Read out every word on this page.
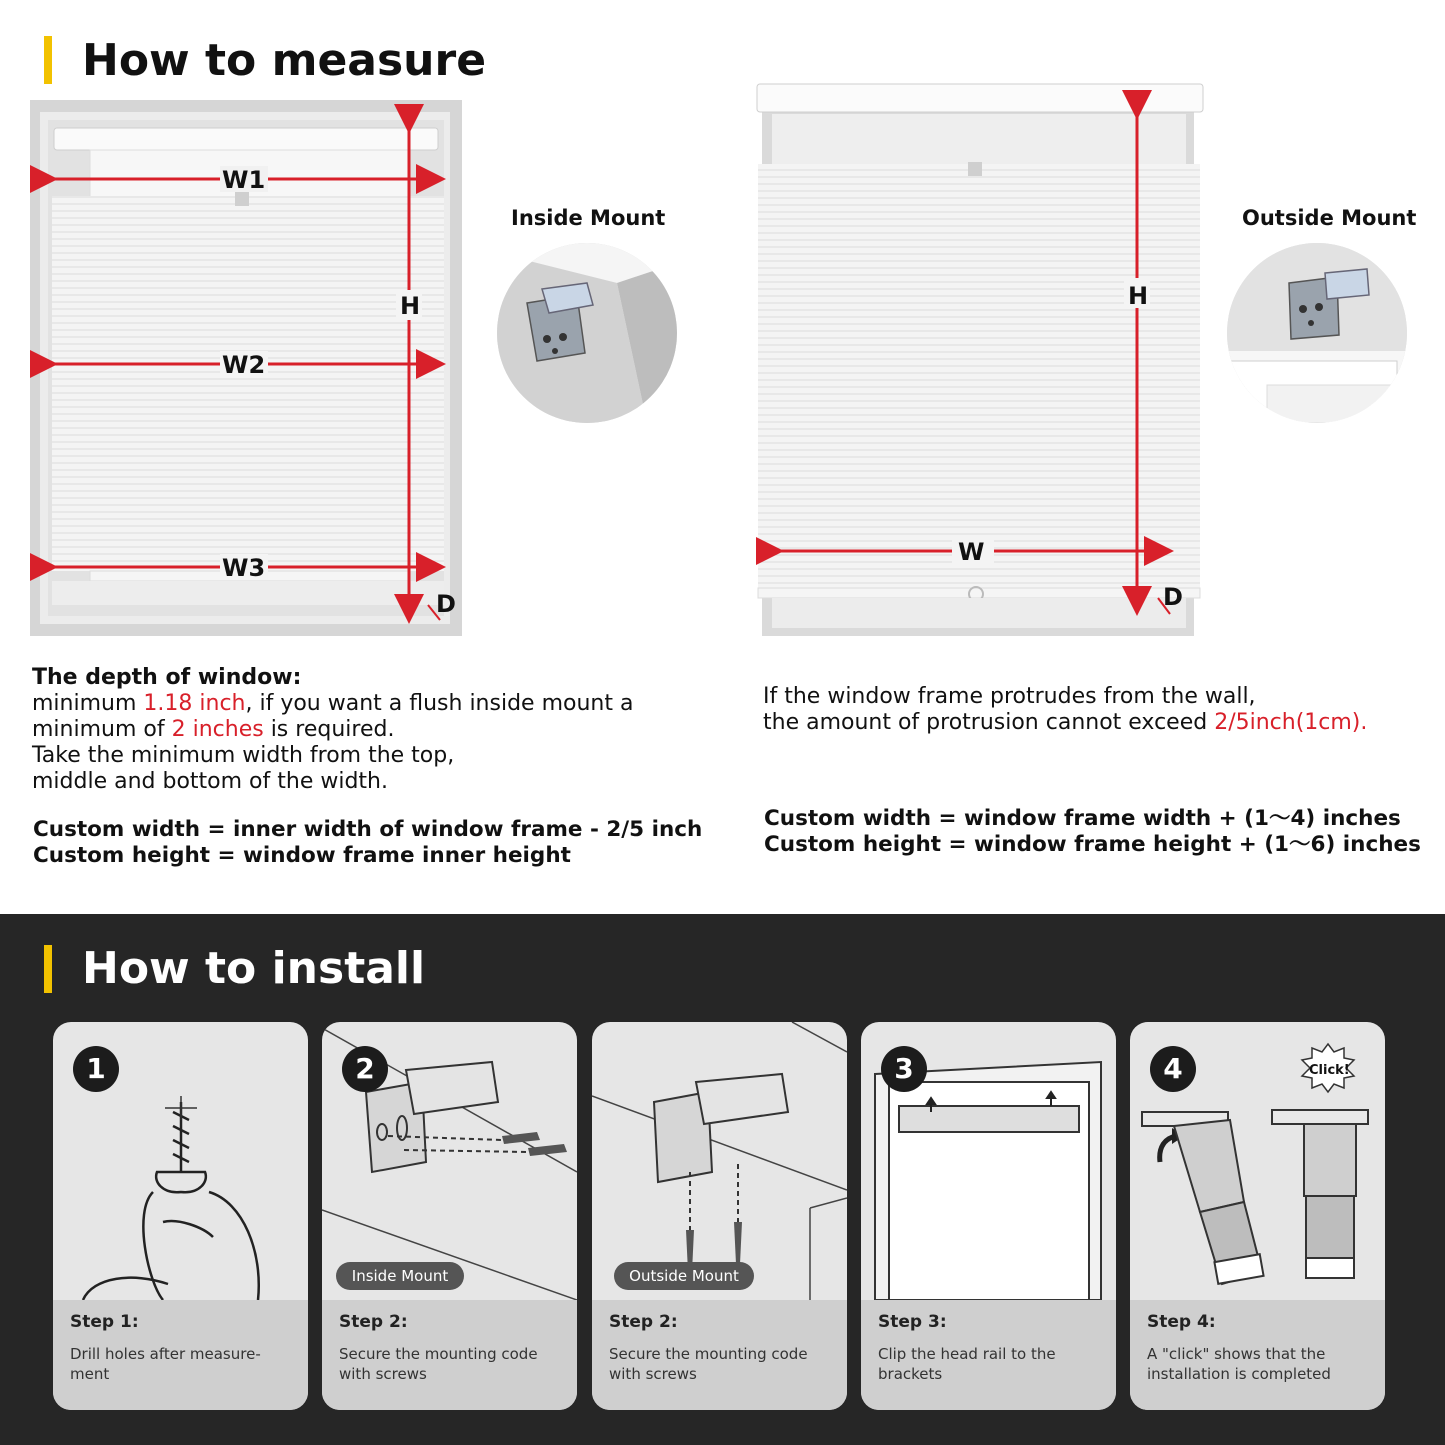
How to measure
W1
W2
W3
H
D
Inside Mount
W
H
D
Outside Mount
The depth of window:
minimum 1.18 inch, if you want a flush inside mount a
minimum of 2 inches is required.
Take the minimum width from the top,
middle and bottom of the width.
Custom width = inner width of window frame - 2/5 inch
Custom height = window frame inner height
If the window frame protrudes from the wall,
the amount of protrusion cannot exceed 2/5inch(1cm).
Custom width = window frame width + (1～4) inches
Custom height = window frame height + (1～6) inches
How to install
1
Step 1:
Drill holes after measure-ment
2
Inside Mount
Step 2:
Secure the mounting code with screws
Outside Mount
Step 2:
Secure the mounting code with screws
3
Step 3:
Clip the head rail to the brackets
Click!
4
Step 4:
A "click" shows that the installation is completed
